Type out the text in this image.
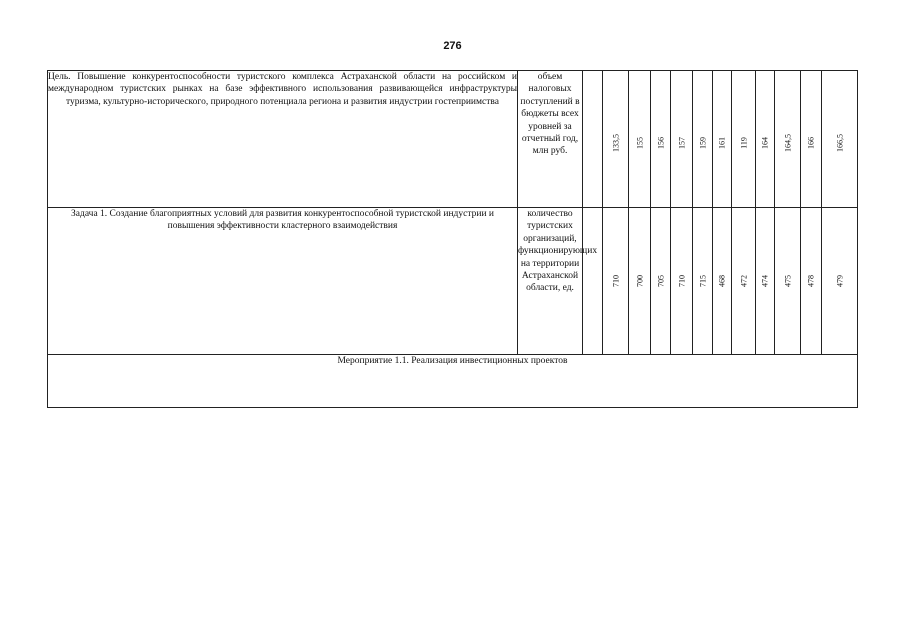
276
Цель. Повышение конкурентоспособности туристского комплекса Астраханской области на российском и международном туристских рынках на базе эффективного использования развивающейся инфраструктуры туризма, культурно-исторического, природного потенциала региона и развития индустрии гостеприимства	объем налоговых поступлений в бюджеты всех уровней за отчетный год, млн руб.		133,5	155	156	157	159	161	119	164	164,5	166	166,5

Задача 1. Создание благоприятных условий для развития конкурентоспособной туристской индустрии и повышения эффективности кластерного взаимодействия	количество туристских организаций, функционирующих на территории Астраханской области, ед.		710	700	705	710	715	468	472	474	475	478	479

Мероприятие 1.1. Реализация инвестиционных проектов													
